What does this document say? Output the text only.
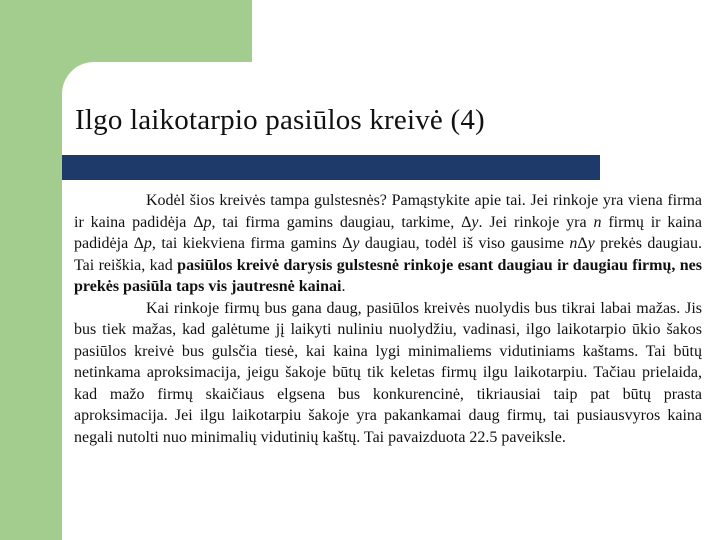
Ilgo laikotarpio pasiūlos kreivė (4)

Kodėl šios kreivės tampa gulstesnės? Pamąstykite apie tai. Jei rinkoje yra viena firma ir kaina padidėja Δp, tai firma gamins daugiau, tarkime, Δy. Jei rinkoje yra n firmų ir kaina padidėja Δp, tai kiekviena firma gamins Δy daugiau, todėl iš viso gausime nΔy prekės daugiau. Tai reiškia, kad pasiūlos kreivė darysis gulstesnė rinkoje esant daugiau ir daugiau firmų, nes prekės pasiūla taps vis jautresnė kainai.

Kai rinkoje firmų bus gana daug, pasiūlos kreivės nuolydis bus tikrai labai mažas. Jis bus tiek mažas, kad galėtume jį laikyti nuliniu nuolydžiu, vadinasi, ilgo laikotarpio ūkio šakos pasiūlos kreivė bus gulsčia tiesė, kai kaina lygi minimaliems vidutiniams kaštams. Tai būtų netinkama aproksimacija, jeigu šakoje būtų tik keletas firmų ilgu laikotarpiu. Tačiau prielaida, kad mažo firmų skaičiaus elgsena bus konkurencinė, tikriausiai taip pat būtų prasta aproksimacija. Jei ilgu laikotarpiu šakoje yra pakankamai daug firmų, tai pusiausvyros kaina negali nutolti nuo minimalių vidutinių kaštų. Tai pavaizduota 22.5 paveiksle.
